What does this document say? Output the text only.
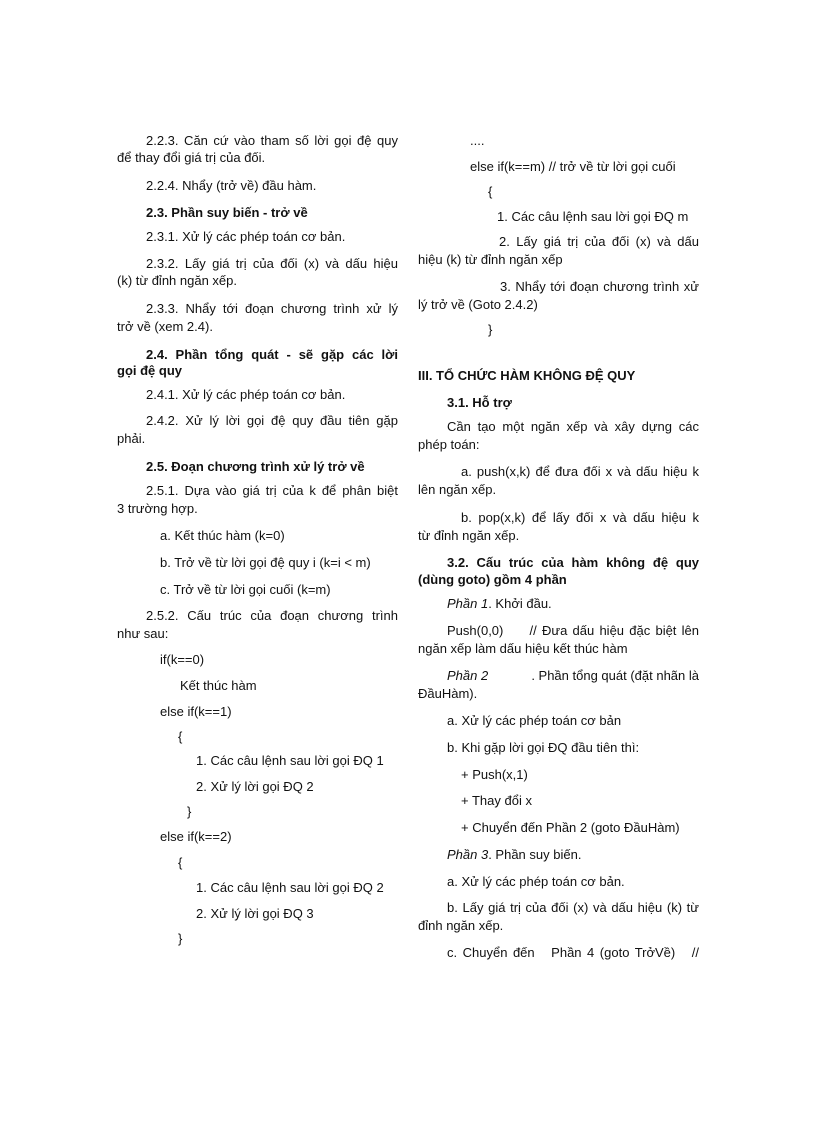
2.2.3. Căn cứ vào tham số lời gọi đệ quy
để thay đổi giá trị của đối.
2.2.4. Nhẩy (trở về) đầu hàm.
2.3. Phần suy biến - trở về
2.3.1. Xử lý các phép toán cơ bản.
2.3.2. Lấy giá trị của đối (x) và dấu hiệu
(k) từ đỉnh ngăn xếp.
2.3.3. Nhẩy tới đoạn chương trình xử lý
trở về (xem 2.4).
2.4. Phần tổng quát - sẽ gặp các lời
gọi đệ quy
2.4.1. Xử lý các phép toán cơ bản.
2.4.2. Xử lý lời gọi đệ quy đầu tiên gặp
phải.
2.5. Đoạn chương trình xử lý trở về
2.5.1. Dựa vào giá trị của k để phân biệt
3 trường hợp.
a. Kết thúc hàm (k=0)
b. Trở về từ lời gọi đệ quy i (k=i < m)
c. Trở về từ lời gọi cuối (k=m)
2.5.2. Cấu trúc của đoạn chương trình
như sau:
if(k==0)
Kết thúc hàm
else if(k==1)
{
1. Các câu lệnh sau lời gọi ĐQ 1
2. Xử lý lời gọi ĐQ 2
}
else if(k==2)
{
1. Các câu lệnh sau lời gọi ĐQ 2
2. Xử lý lời gọi ĐQ 3
}
....
else if(k==m) // trở về từ lời gọi cuối
{
1. Các câu lệnh sau lời gọi ĐQ m
2. Lấy giá trị của đối (x) và dấu
hiệu (k) từ đỉnh ngăn xếp
3. Nhẩy tới đoạn chương trình xử
lý trở về (Goto 2.4.2)
}
III. TỔ CHỨC HÀM KHÔNG ĐỆ QUY
3.1. Hỗ trợ
Cần tạo một ngăn xếp và xây dựng các
phép toán:
a. push(x,k) để đưa đối x và dấu hiệu k
lên ngăn xếp.
b. pop(x,k) để lấy đối x và dấu hiệu k
từ đỉnh ngăn xếp.
3.2. Cấu trúc của hàm không đệ quy
(dùng goto) gồm 4 phần
Phần 1. Khởi đầu.
Push(0,0)     // Đưa dấu hiệu đặc biệt lên
ngăn xếp làm dấu hiệu kết thúc hàm
Phần 2	. Phần tổng quát (đặt nhãn là
ĐầuHàm).
a. Xử lý các phép toán cơ bản
b. Khi gặp lời gọi ĐQ đầu tiên thì:
+ Push(x,1)
+ Thay đổi x
+ Chuyển đến Phần 2 (goto ĐầuHàm)
Phần 3. Phần suy biến.
a. Xử lý các phép toán cơ bản.
b. Lấy giá trị của đối (x) và dấu hiệu (k) từ
đỉnh ngăn xếp.
c. Chuyển đến   Phần 4 (goto TrởVề)   //
